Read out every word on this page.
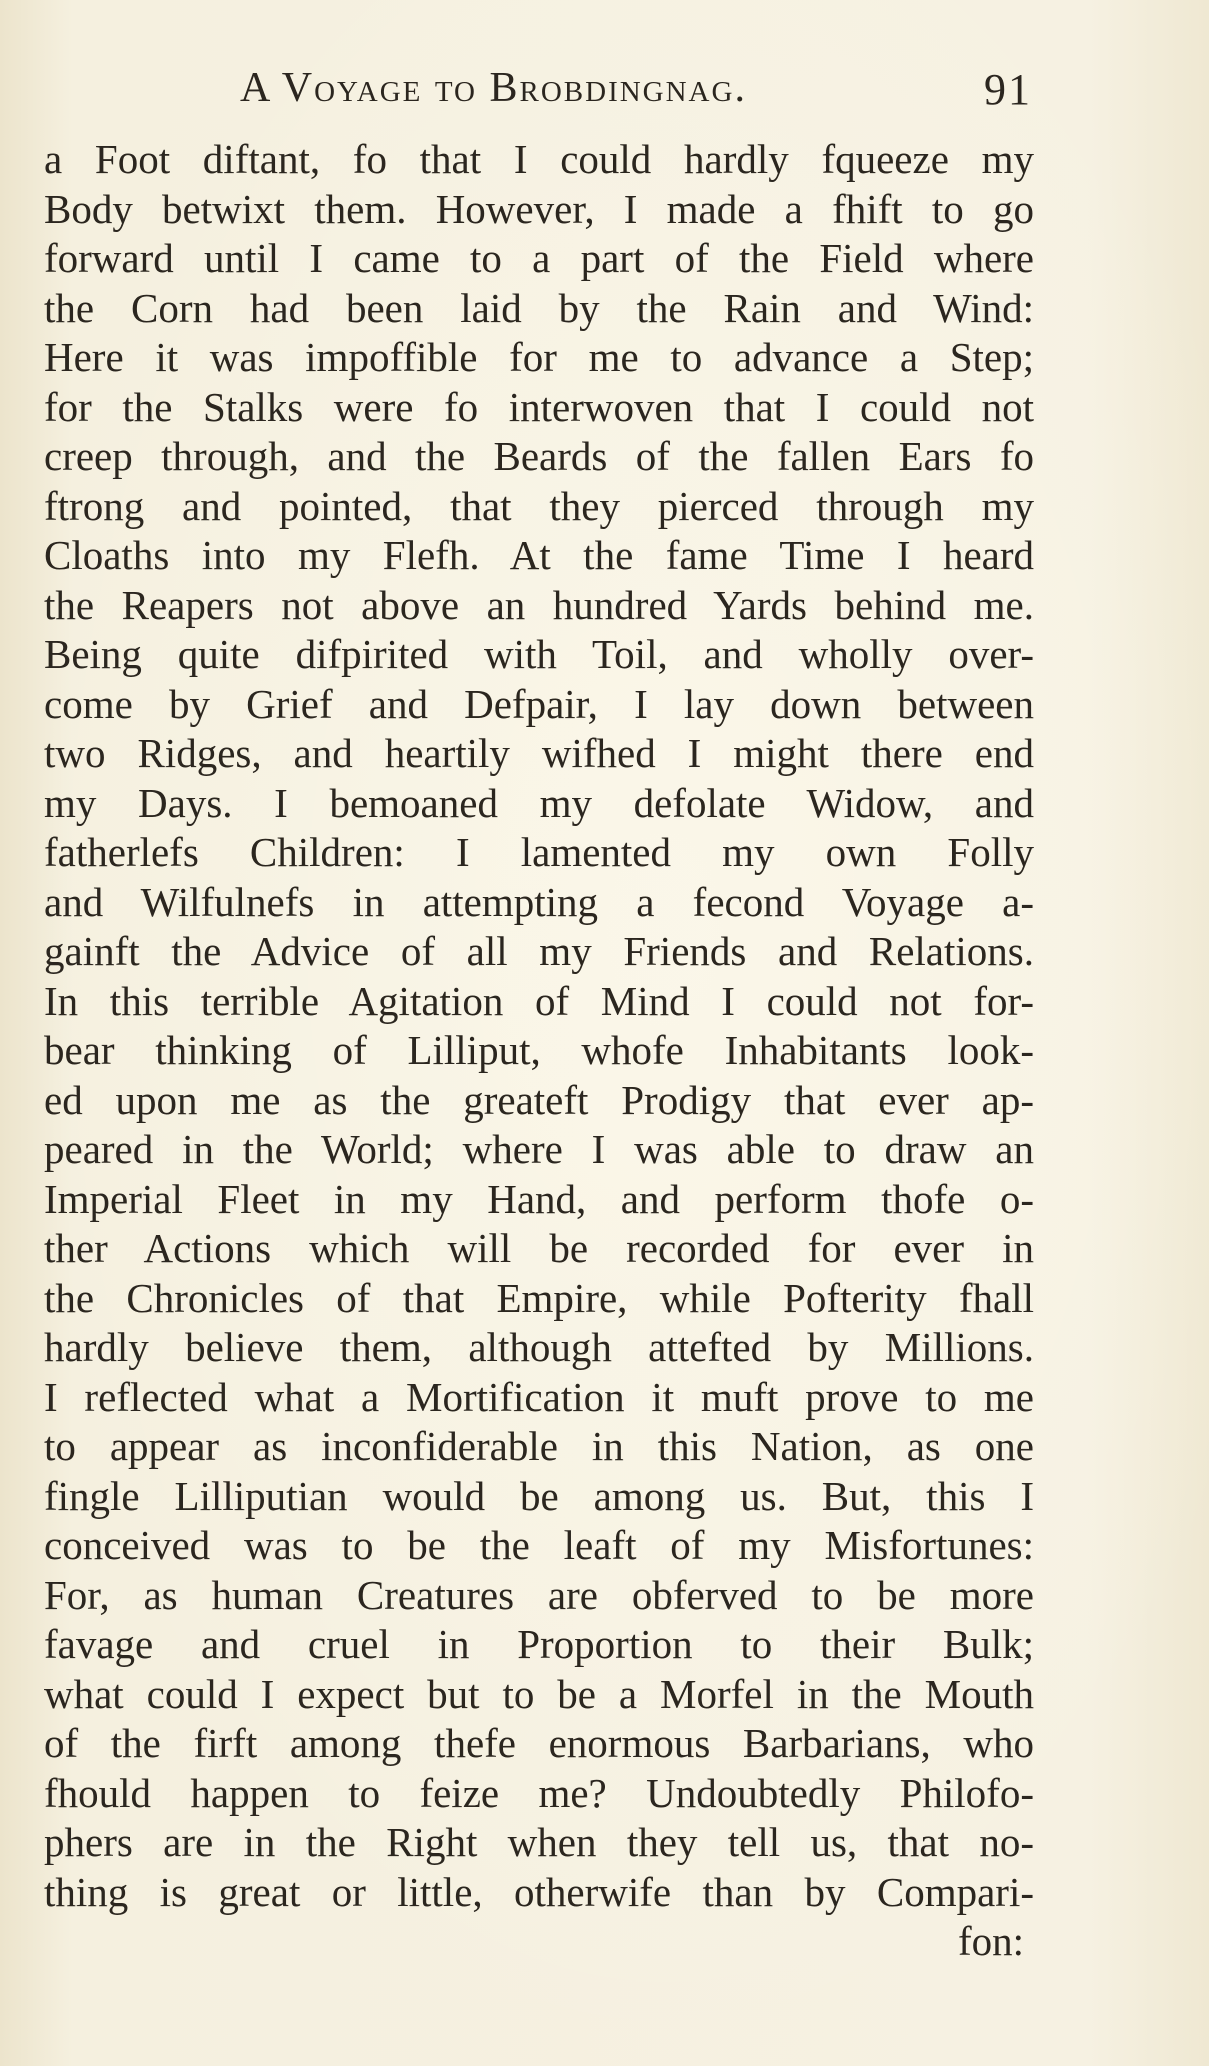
A Voyage to Brobdingnag.	91
a Foot diftant, fo that I could hardly fqueeze my
Body betwixt them. However, I made a fhift to go
forward until I came to a part of the Field where
the Corn had been laid by the Rain and Wind:
Here it was impoffible for me to advance a Step;
for the Stalks were fo interwoven that I could not
creep through, and the Beards of the fallen Ears fo
ftrong and pointed, that they pierced through my
Cloaths into my Flefh. At the fame Time I heard
the Reapers not above an hundred Yards behind me.
Being quite difpirited with Toil, and wholly over-
come by Grief and Defpair, I lay down between
two Ridges, and heartily wifhed I might there end
my Days. I bemoaned my defolate Widow, and
fatherlefs Children: I lamented my own Folly
and Wilfulnefs in attempting a fecond Voyage a-
gainft the Advice of all my Friends and Relations.
In this terrible Agitation of Mind I could not for-
bear thinking of Lilliput, whofe Inhabitants look-
ed upon me as the greateft Prodigy that ever ap-
peared in the World; where I was able to draw an
Imperial Fleet in my Hand, and perform thofe o-
ther Actions which will be recorded for ever in
the Chronicles of that Empire, while Pofterity fhall
hardly believe them, although attefted by Millions.
I reflected what a Mortification it muft prove to me
to appear as inconfiderable in this Nation, as one
fingle Lilliputian would be among us. But, this I
conceived was to be the leaft of my Misfortunes:
For, as human Creatures are obferved to be more
favage and cruel in Proportion to their Bulk;
what could I expect but to be a Morfel in the Mouth
of the firft among thefe enormous Barbarians, who
fhould happen to feize me? Undoubtedly Philofo-
phers are in the Right when they tell us, that no-
thing is great or little, otherwife than by Compari-
fon:
